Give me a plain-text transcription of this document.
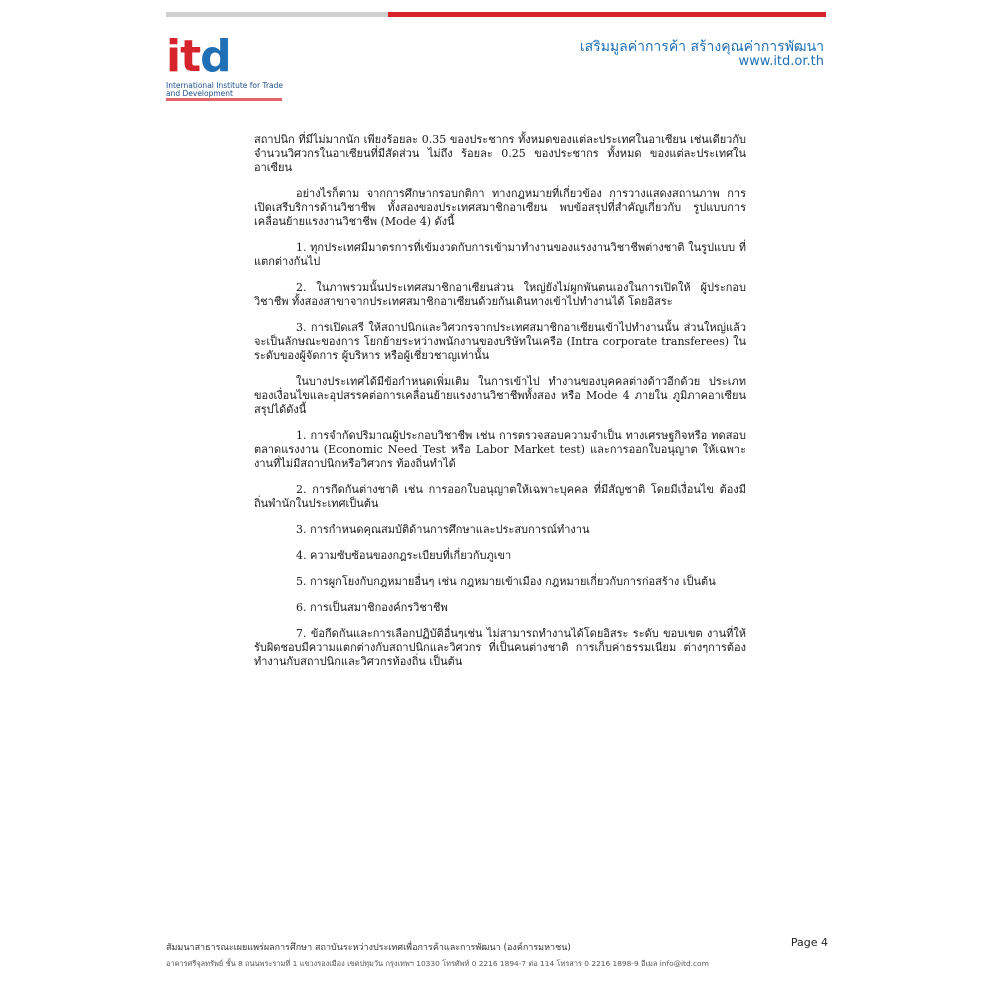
itd
International Institute for Trade and Development
เสริมมูลค่าการค้า สร้างคุณค่าการพัฒนา
www.itd.or.th

สถาปนิก ที่มีไม่มากนัก เพียงร้อยละ 0.35 ของประชากร ทั้งหมดของแต่ละประเทศในอาเซียน เช่นเดียวกับจำนวนวิศวกรในอาเซียนที่มีสัดส่วน ไม่ถึง ร้อยละ 0.25 ของประชากร ทั้งหมด ของแต่ละประเทศในอาเซียน

อย่างไรก็ตาม จากการศึกษากรอบกติกา ทางกฎหมายที่เกี่ยวข้อง การวางแสดงสถานภาพ การเปิดเสรีบริการด้านวิชาชีพ ทั้งสองของประเทศสมาชิกอาเซียน พบข้อสรุปที่สำคัญเกี่ยวกับ รูปแบบการเคลื่อนย้ายแรงงานวิชาชีพ (Mode 4) ดังนี้

1. ทุกประเทศมีมาตรการที่เข้มงวดกับการเข้ามาทำงานของแรงงานวิชาชีพต่างชาติ ในรูปแบบ ที่แตกต่างกันไป

2. ในภาพรวมนั้นประเทศสมาชิกอาเซียนส่วน ใหญ่ยังไม่ผูกพันตนเองในการเปิดให้ ผู้ประกอบวิชาชีพ ทั้งสองสาขาจากประเทศสมาชิกอาเซียนด้วยกันเดินทางเข้าไปทำงานได้ โดยอิสระ

3. การเปิดเสรี ให้สถาปนิกและวิศวกรจากประเทศสมาชิกอาเซียนเข้าไปทำงานนั้น ส่วนใหญ่แล้วจะเป็นลักษณะของการ โยกย้ายระหว่างพนักงานของบริษัทในเครือ (Intra corporate transferees) ในระดับของผู้จัดการ ผู้บริหาร หรือผู้เชี่ยวชาญเท่านั้น

ในบางประเทศได้มีข้อกำหนดเพิ่มเติม ในการเข้าไป ทำงานของบุคคลต่างด้าวอีกด้วย ประเภทของเงื่อนไขและอุปสรรคต่อการเคลื่อนย้ายแรงงานวิชาชีพทั้งสอง หรือ Mode 4 ภายใน ภูมิภาคอาเซียนสรุปได้ดังนี้

1. การจำกัดปริมาณผู้ประกอบวิชาชีพ เช่น การตรวจสอบความจำเป็น ทางเศรษฐกิจหรือ ทดสอบตลาดแรงงาน (Economic Need Test หรือ Labor Market test) และการออกใบอนุญาต ให้เฉพาะงานที่ไม่มีสถาปนิกหรือวิศวกร ท้องถิ่นทำได้

2. การกีดกันต่างชาติ เช่น การออกใบอนุญาตให้เฉพาะบุคคล ที่มีสัญชาติ โดยมีเงื่อนไข ต้องมีถิ่นพำนักในประเทศเป็นต้น

3. การกำหนดคุณสมบัติด้านการศึกษาและประสบการณ์ทำงาน

4. ความซับซ้อนของกฎระเบียบที่เกี่ยวกับภูเขา

5. การผูกโยงกับกฎหมายอื่นๆ เช่น กฎหมายเข้าเมือง กฎหมายเกี่ยวกับการก่อสร้าง เป็นต้น

6. การเป็นสมาชิกองค์กรวิชาชีพ

7. ข้อกีดกันและการเลือกปฏิบัติอื่นๆเช่น ไม่สามารถทำงานได้โดยอิสระ ระดับ ขอบเขต งานที่ให้รับผิดชอบมีความแตกต่างกับสถาปนิกและวิศวกร ที่เป็นคนต่างชาติ การเก็บค่าธรรมเนียม ต่างๆการต้องทำงานกับสถาปนิกและวิศวกรท้องถิ่น เป็นต้น

สัมมนาสาธารณะเผยแพร่ผลการศึกษา สถาบันระหว่างประเทศเพื่อการค้าและการพัฒนา (องค์การมหาชน)	Page 4
อาคารศรีจุลทรัพย์ ชั้น 8 ถนนพระรามที่ 1 แขวงรองเมือง เขตปทุมวัน กรุงเทพฯ 10330 โทรศัพท์ 0 2216 1894-7 ต่อ 114 โทรสาร 0 2216 1898-9 อีเมล info@itd.com
